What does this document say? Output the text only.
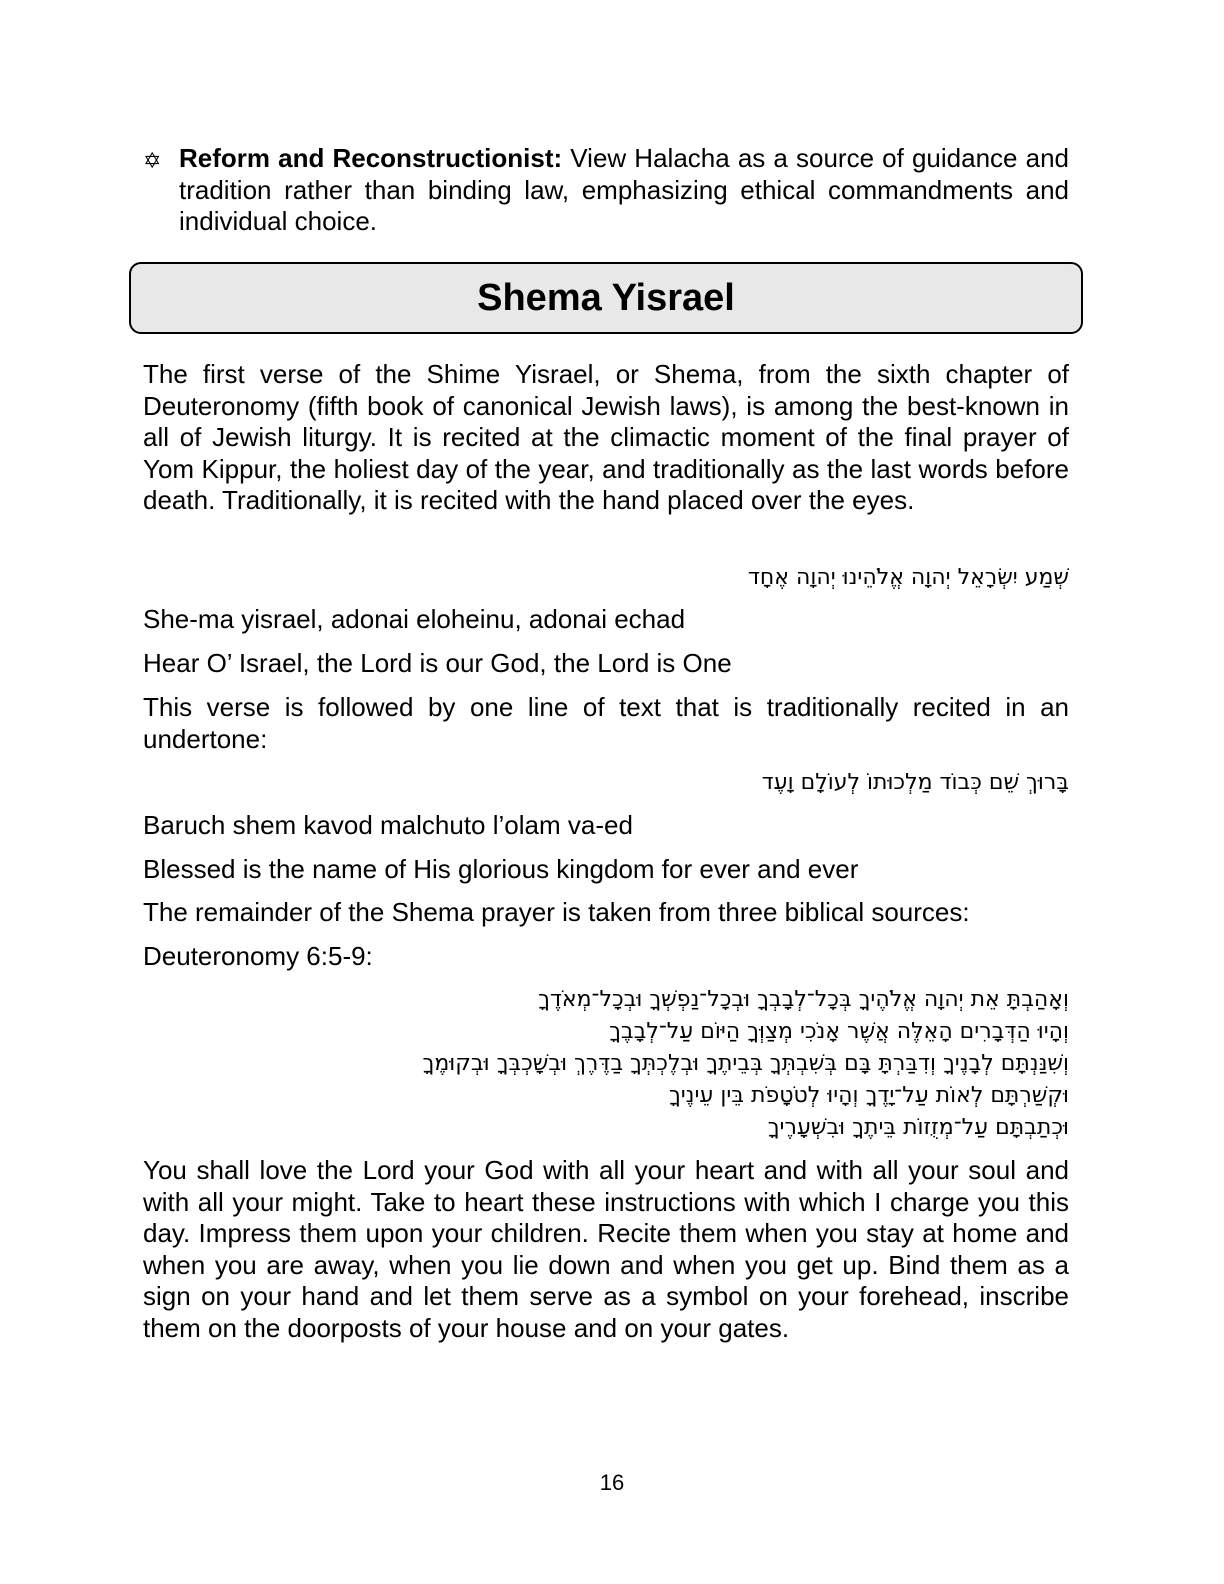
✡ Reform and Reconstructionist: View Halacha as a source of guidance and tradition rather than binding law, emphasizing ethical commandments and individual choice.
Shema Yisrael

The first verse of the Shime Yisrael, or Shema, from the sixth chapter of Deuteronomy (fifth book of canonical Jewish laws), is among the best-known in all of Jewish liturgy. It is recited at the climactic moment of the final prayer of Yom Kippur, the holiest day of the year, and traditionally as the last words before death. Traditionally, it is recited with the hand placed over the eyes.

שְׁמַע יִשְׂרָאֵל יְהוָה אֱלֹהֵינוּ יְהוָה אֶחָד

She-ma yisrael, adonai eloheinu, adonai echad

Hear O’ Israel, the Lord is our God, the Lord is One

This verse is followed by one line of text that is traditionally recited in an undertone:

בָּרוּךְ שֵׁם כְּבוֹד מַלְכוּתוֹ לְעוֹלָם וָעֶד

Baruch shem kavod malchuto l’olam va-ed

Blessed is the name of His glorious kingdom for ever and ever

The remainder of the Shema prayer is taken from three biblical sources:

Deuteronomy 6:5-9:

וְאָהַבְתָּ אֵת יְהוָה אֱלֹהֶיךָ בְּכָל־לְבָבְךָ וּבְכָל־נַפְשְׁךָ וּבְכָל־מְאֹדֶךָ
וְהָיוּ הַדְּבָרִים הָאֵלֶּה אֲשֶׁר אָנֹכִי מְצַוְּךָ הַיּוֹם עַל־לְבָבֶךָ
וְשִׁנַּנְתָּם לְבָנֶיךָ וְדִבַּרְתָּ בָּם בְּשִׁבְתְּךָ בְּבֵיתֶךָ וּבְלֶכְתְּךָ בַדֶּרֶךְ וּבְשָׁכְבְּךָ וּבְקוּמֶךָ
וּקְשַׁרְתָּם לְאוֹת עַל־יָדֶךָ וְהָיוּ לְטֹטָפֹת בֵּין עֵינֶיךָ
וּכְתַבְתָּם עַל־מְזֻזוֹת בֵּיתֶךָ וּבִשְׁעָרֶיךָ

You shall love the Lord your God with all your heart and with all your soul and with all your might. Take to heart these instructions with which I charge you this day. Impress them upon your children. Recite them when you stay at home and when you are away, when you lie down and when you get up. Bind them as a sign on your hand and let them serve as a symbol on your forehead, inscribe them on the doorposts of your house and on your gates.

16
